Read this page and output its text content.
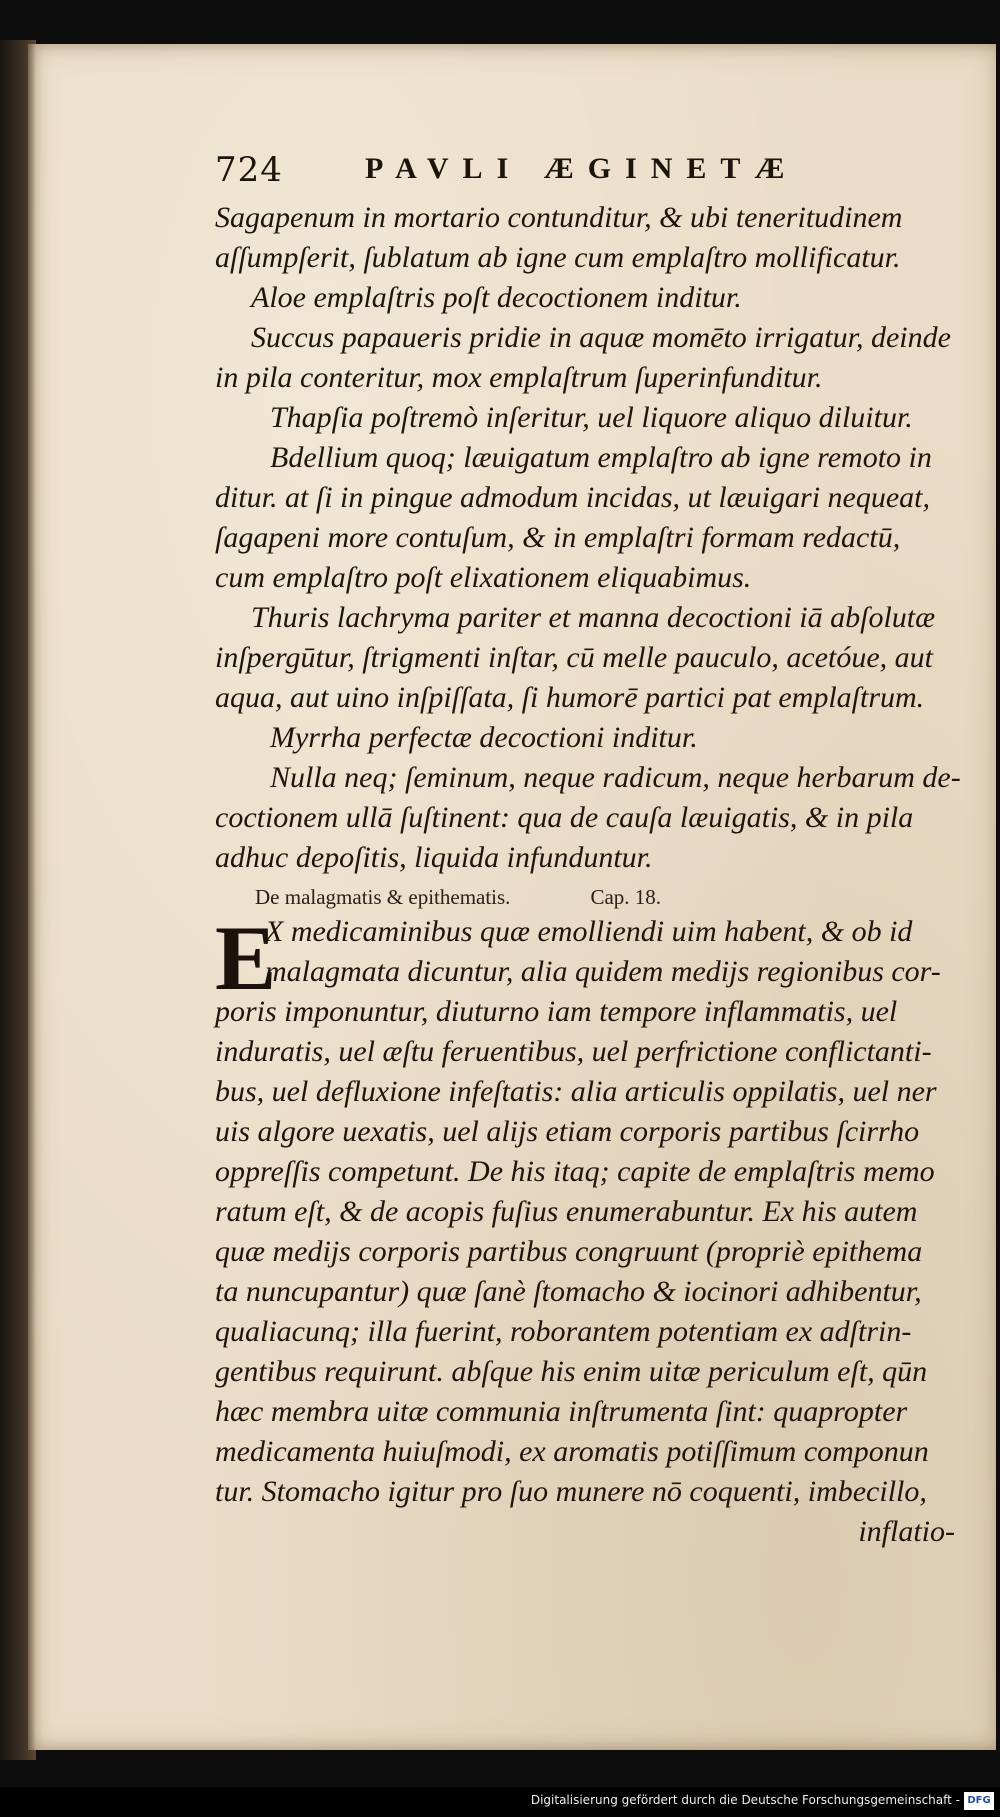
724	PAVLI ÆGINETÆ
Sagapenum in mortario contunditur, & ubi teneritudinem
aſſumpſerit, ſublatum ab igne cum emplaſtro mollificatur.
Aloe emplaſtris poſt decoctionem inditur.
Succus papaueris pridie in aquæ momēto irrigatur, deinde
in pila conteritur, mox emplaſtrum ſuperinfunditur.
Thapſia poſtremò inſeritur, uel liquore aliquo diluitur.
Bdellium quoq; læuigatum emplaſtro ab igne remoto in
ditur. at ſi in pingue admodum incidas, ut læuigari nequeat,
ſagapeni more contuſum, & in emplaſtri formam redactū,
cum emplaſtro poſt elixationem eliquabimus.
Thuris lachryma pariter et manna decoctioni iā abſolutæ
inſpergūtur, ſtrigmenti inſtar, cū melle pauculo, acetóue, aut
aqua, aut uino inſpiſſata, ſi humorē partici pat emplaſtrum.
Myrrha perfectæ decoctioni inditur.
Nulla neq; ſeminum, neque radicum, neque herbarum de-
coctionem ullā ſuſtinent: qua de cauſa læuigatis, & in pila
adhuc depoſitis, liquida infunduntur.
De malagmatis & epithematis.	Cap. 18.
E
X medicaminibus quæ emolliendi uim habent, & ob id
malagmata dicuntur, alia quidem medijs regionibus cor-
poris imponuntur, diuturno iam tempore inflammatis, uel
induratis, uel æſtu feruentibus, uel perfrictione conflictanti-
bus, uel defluxione infeſtatis: alia articulis oppilatis, uel ner
uis algore uexatis, uel alijs etiam corporis partibus ſcirrho
oppreſſis competunt. De his itaq; capite de emplaſtris memo
ratum eſt, & de acopis fuſius enumerabuntur. Ex his autem
quæ medijs corporis partibus congruunt (propriè epithema
ta nuncupantur) quæ ſanè ſtomacho & iocinori adhibentur,
qualiacunq; illa fuerint, roborantem potentiam ex adſtrin-
gentibus requirunt. abſque his enim uitæ periculum eſt, qūn
hæc membra uitæ communia inſtrumenta ſint: quapropter
medicamenta huiuſmodi, ex aromatis potiſſimum componun
tur. Stomacho igitur pro ſuo munere nō coquenti, imbecillo,
inflatio-
Digitalisierung gefördert durch die Deutsche Forschungsgemeinschaft - DFG
